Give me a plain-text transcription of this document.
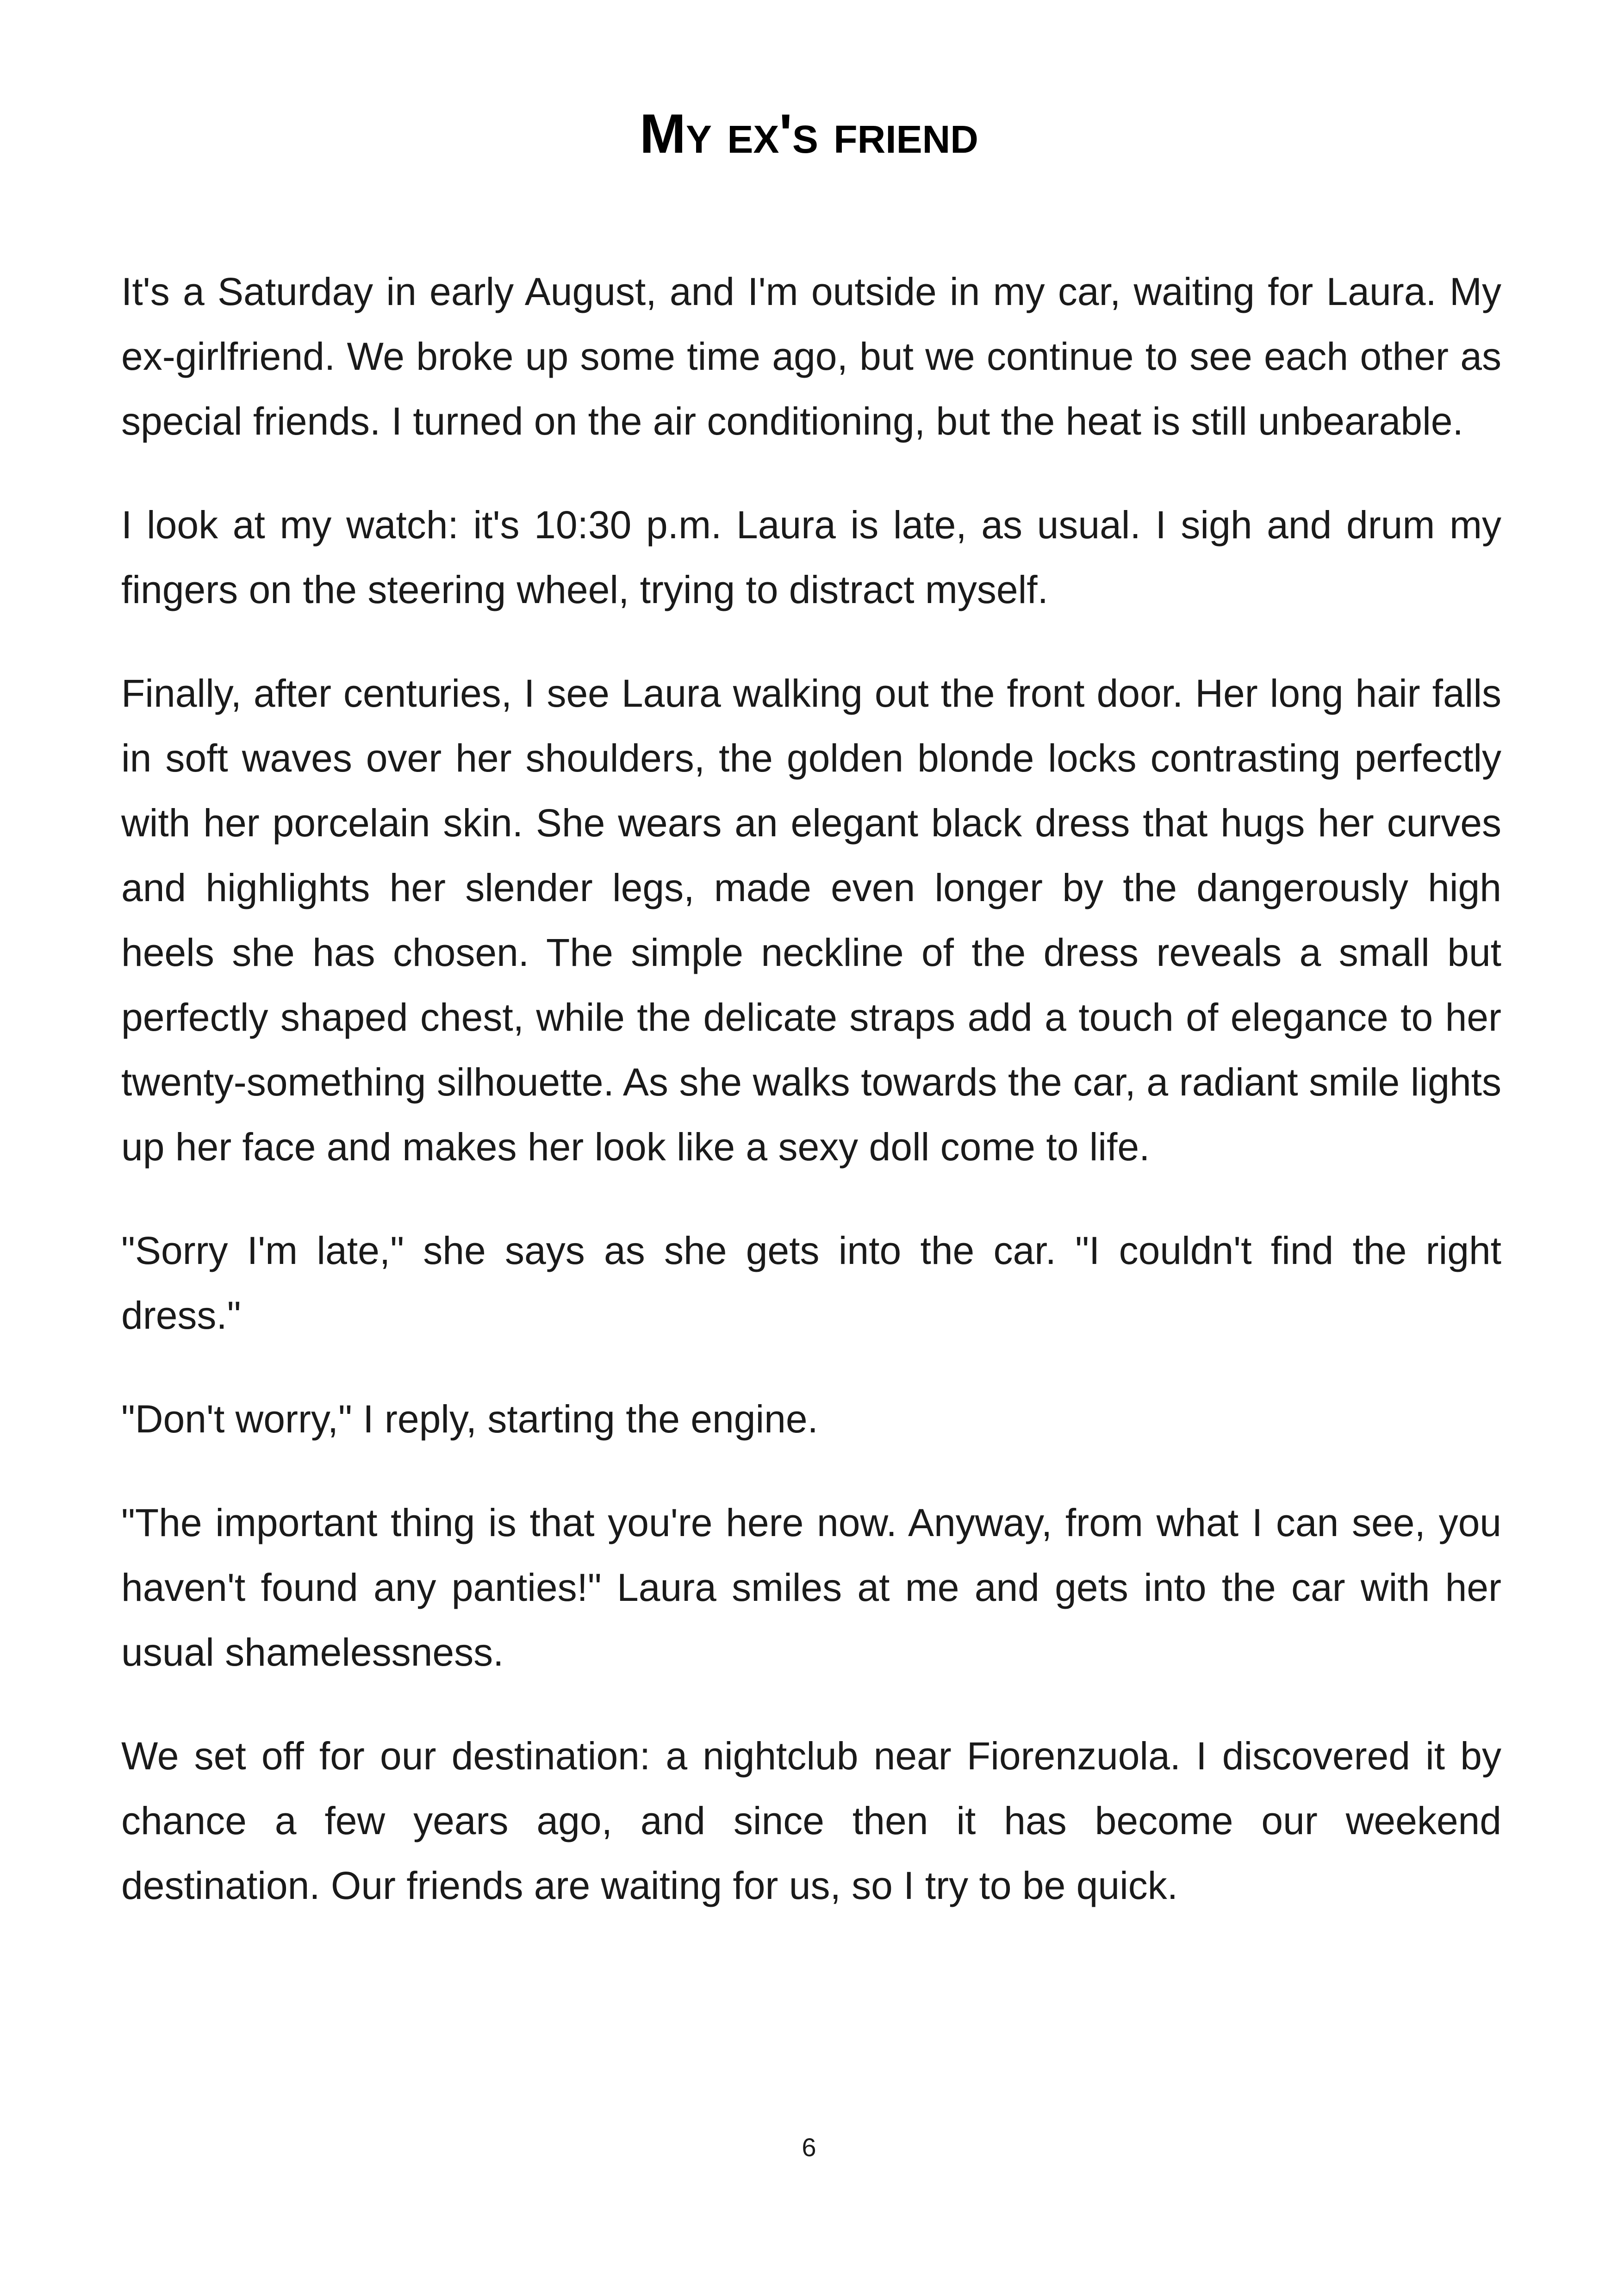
My ex's friend

It's a Saturday in early August, and I'm outside in my car, waiting for Laura. My ex-girlfriend. We broke up some time ago, but we continue to see each other as special friends. I turned on the air conditioning, but the heat is still unbearable.

I look at my watch: it's 10:30 p.m. Laura is late, as usual. I sigh and drum my fingers on the steering wheel, trying to distract myself.

Finally, after centuries, I see Laura walking out the front door. Her long hair falls in soft waves over her shoulders, the golden blonde locks contrasting perfectly with her porcelain skin. She wears an elegant black dress that hugs her curves and highlights her slender legs, made even longer by the dangerously high heels she has chosen. The simple neckline of the dress reveals a small but perfectly shaped chest, while the delicate straps add a touch of elegance to her twenty-something silhouette. As she walks towards the car, a radiant smile lights up her face and makes her look like a sexy doll come to life.

"Sorry I'm late," she says as she gets into the car. "I couldn't find the right dress."

"Don't worry," I reply, starting the engine.

"The important thing is that you're here now. Anyway, from what I can see, you haven't found any panties!" Laura smiles at me and gets into the car with her usual shamelessness.

We set off for our destination: a nightclub near Fiorenzuola. I discovered it by chance a few years ago, and since then it has become our weekend destination. Our friends are waiting for us, so I try to be quick.

6
